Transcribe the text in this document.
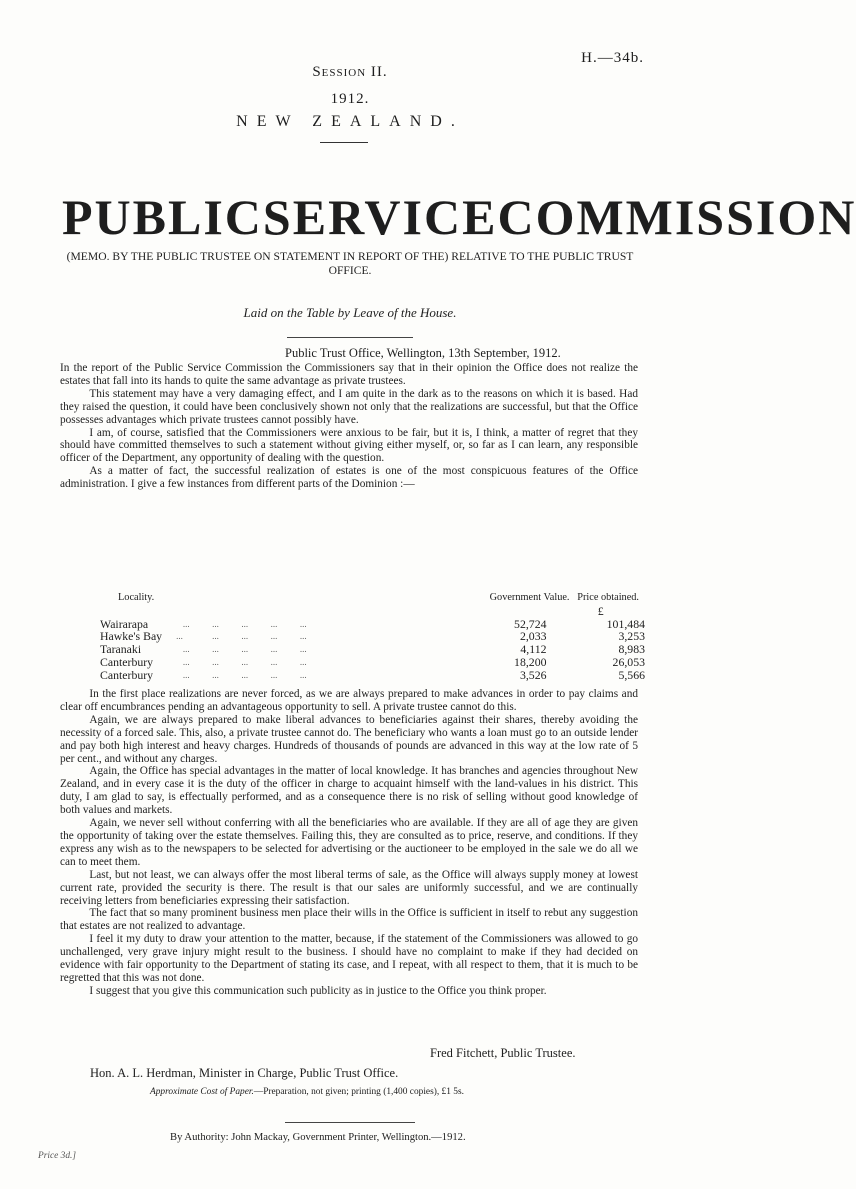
H.—34b.
Session II.
1912.
NEW ZEALAND.
PUBLIC SERVICE COMMISSION
(MEMO. BY THE PUBLIC TRUSTEE ON STATEMENT IN REPORT OF THE) RELATIVE TO THE PUBLIC TRUST OFFICE.
Laid on the Table by Leave of the House.
Public Trust Office, Wellington, 13th September, 1912.

In the report of the Public Service Commission the Commissioners say that in their opinion the Office does not realize the estates that fall into its hands to quite the same advantage as private trustees.

This statement may have a very damaging effect, and I am quite in the dark as to the reasons on which it is based. Had they raised the question, it could have been conclusively shown not only that the realizations are successful, but that the Office possesses advantages which private trustees cannot possibly have.

I am, of course, satisfied that the Commissioners were anxious to be fair, but it is, I think, a matter of regret that they should have committed themselves to such a statement without giving either myself, or, so far as I can learn, any responsible officer of the Department, any opportunity of dealing with the question.

As a matter of fact, the successful realization of estates is one of the most conspicuous features of the Office administration. I give a few instances from different parts of the Dominion :—

Locality.		Government Value. Price obtained.	
			£
Wairarapa	...          ...          ...          ...          ...	52,724	101,484
Hawke's Bay	...             ...          ...          ...          ...	2,033	3,253
Taranaki	...          ...          ...          ...          ...	4,112	8,983
Canterbury	...          ...          ...          ...          ...	18,200	26,053
Canterbury	...          ...          ...          ...          ...	3,526	5,566

In the first place realizations are never forced, as we are always prepared to make advances in order to pay claims and clear off encumbrances pending an advantageous opportunity to sell. A private trustee cannot do this.

Again, we are always prepared to make liberal advances to beneficiaries against their shares, thereby avoiding the necessity of a forced sale. This, also, a private trustee cannot do. The beneficiary who wants a loan must go to an outside lender and pay both high interest and heavy charges. Hundreds of thousands of pounds are advanced in this way at the low rate of 5 per cent., and without any charges.

Again, the Office has special advantages in the matter of local knowledge. It has branches and agencies throughout New Zealand, and in every case it is the duty of the officer in charge to acquaint himself with the land-values in his district. This duty, I am glad to say, is effectually performed, and as a consequence there is no risk of selling without good knowledge of both values and markets.

Again, we never sell without conferring with all the beneficiaries who are available. If they are all of age they are given the opportunity of taking over the estate themselves. Failing this, they are consulted as to price, reserve, and conditions. If they express any wish as to the newspapers to be selected for advertising or the auctioneer to be employed in the sale we do all we can to meet them.

Last, but not least, we can always offer the most liberal terms of sale, as the Office will always supply money at lowest current rate, provided the security is there. The result is that our sales are uniformly successful, and we are continually receiving letters from beneficiaries expressing their satisfaction.

The fact that so many prominent business men place their wills in the Office is sufficient in itself to rebut any suggestion that estates are not realized to advantage.

I feel it my duty to draw your attention to the matter, because, if the statement of the Commissioners was allowed to go unchallenged, very grave injury might result to the business. I should have no complaint to make if they had decided on evidence with fair opportunity to the Department of stating its case, and I repeat, with all respect to them, that it is much to be regretted that this was not done.

I suggest that you give this communication such publicity as in justice to the Office you think proper.

Fred Fitchett, Public Trustee.
Hon. A. L. Herdman, Minister in Charge, Public Trust Office.
Approximate Cost of Paper.—Preparation, not given; printing (1,400 copies), £1 5s.
By Authority: John Mackay, Government Printer, Wellington.—1912.
Price 3d.]
